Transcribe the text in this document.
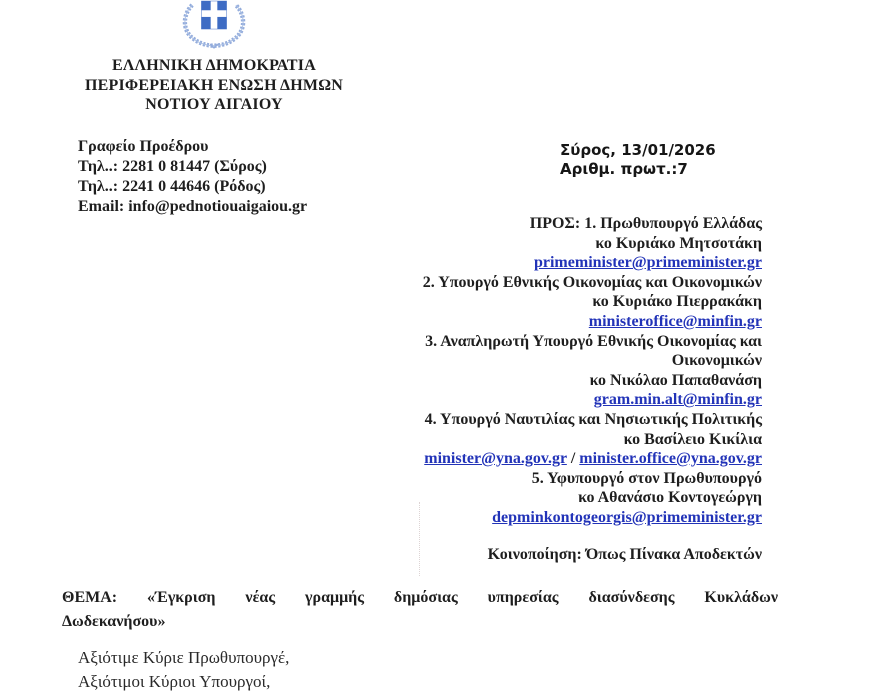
ΕΛΛΗΝΙΚΗ ΔΗΜΟΚΡΑΤΙΑ
ΠΕΡΙΦΕΡΕΙΑΚΗ ΕΝΩΣΗ ΔΗΜΩΝ
ΝΟΤΙΟΥ ΑΙΓΑΙΟΥ
Γραφείο Προέδρου
Τηλ..: 2281 0 81447 (Σύρος)
Τηλ..: 2241 0 44646 (Ρόδος)
Email: info@pednotiouaigaiou.gr
Σύρος, 13/01/2026
Αριθμ. πρωτ.:7
ΠΡΟΣ: 1. Πρωθυπουργό Ελλάδας
κο Κυριάκο Μητσοτάκη
primeminister@primeminister.gr
2. Υπουργό Εθνικής Οικονομίας και Οικονομικών
κο Κυριάκο Πιερρακάκη
ministeroffice@minfin.gr
3. Αναπληρωτή Υπουργό Εθνικής Οικονομίας και
Οικονομικών
κο Νικόλαο Παπαθανάση
gram.min.alt@minfin.gr
4. Υπουργό Ναυτιλίας και Νησιωτικής Πολιτικής
κο Βασίλειο Κικίλια
minister@yna.gov.gr / minister.office@yna.gov.gr
5. Υφυπουργό στον Πρωθυπουργό
κο Αθανάσιο Κοντογεώργη
depminkontogeorgis@primeminister.gr
Κοινοποίηση: Όπως Πίνακα Αποδεκτών
ΘΕΜΑ: «Έγκριση νέας γραμμής δημόσιας υπηρεσίας διασύνδεσης Κυκλάδων
Δωδεκανήσου»
Αξιότιμε Κύριε Πρωθυπουργέ,
Αξιότιμοι Κύριοι Υπουργοί,
